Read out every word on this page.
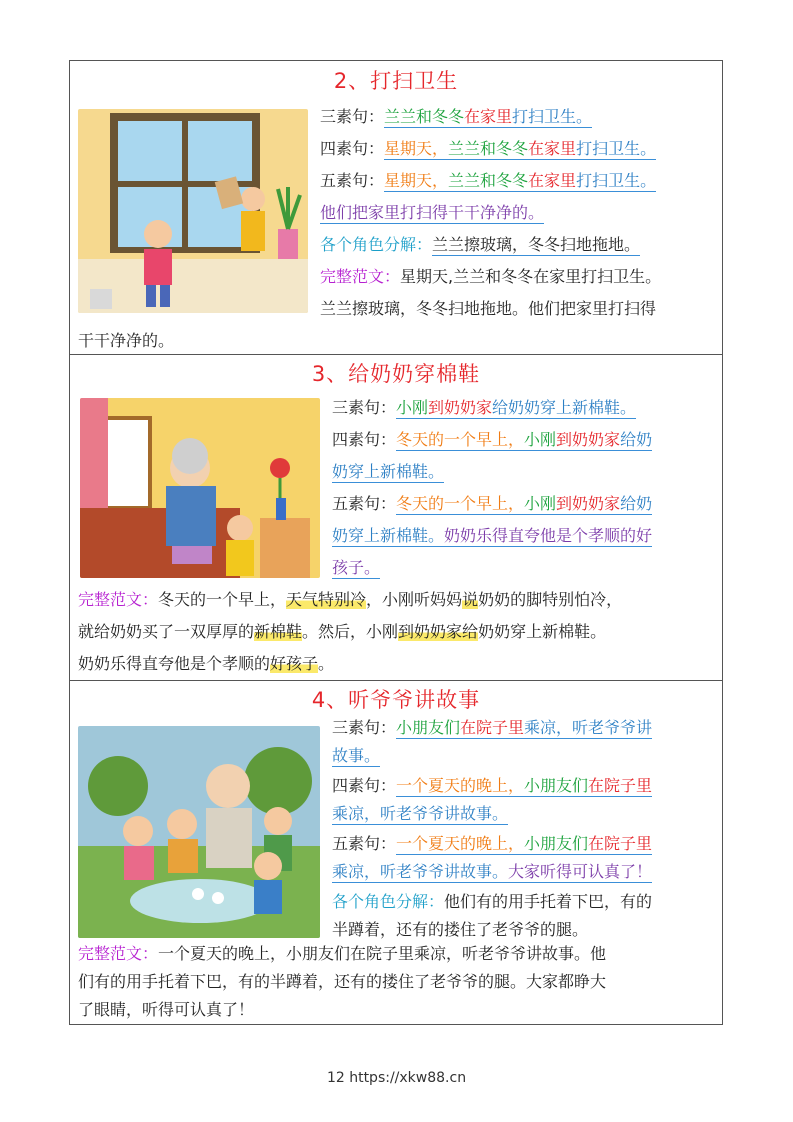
2、打扫卫生
三素句：兰兰和冬冬在家里打扫卫生。
四素句：星期天，兰兰和冬冬在家里打扫卫生。
五素句：星期天，兰兰和冬冬在家里打扫卫生。
他们把家里打扫得干干净净的。
各个角色分解：兰兰擦玻璃，冬冬扫地拖地。
完整范文：星期天,兰兰和冬冬在家里打扫卫生。
兰兰擦玻璃，冬冬扫地拖地。他们把家里打扫得
干干净净的。
3、给奶奶穿棉鞋
三素句：小刚到奶奶家给奶奶穿上新棉鞋。
四素句：冬天的一个早上，小刚到奶奶家给奶
奶穿上新棉鞋。
五素句：冬天的一个早上，小刚到奶奶家给奶
奶穿上新棉鞋。奶奶乐得直夸他是个孝顺的好
孩子。
完整范文：冬天的一个早上，天气特别冷，小刚听妈妈说奶奶的脚特别怕冷，
就给奶奶买了一双厚厚的新棉鞋。然后，小刚到奶奶家给奶奶穿上新棉鞋。
奶奶乐得直夸他是个孝顺的好孩子。
4、听爷爷讲故事
三素句：小朋友们在院子里乘凉，听老爷爷讲
故事。
四素句：一个夏天的晚上，小朋友们在院子里
乘凉，听老爷爷讲故事。
五素句：一个夏天的晚上，小朋友们在院子里
乘凉，听老爷爷讲故事。大家听得可认真了！
各个角色分解：他们有的用手托着下巴，有的
半蹲着，还有的搂住了老爷爷的腿。
完整范文：一个夏天的晚上，小朋友们在院子里乘凉，听老爷爷讲故事。他
们有的用手托着下巴，有的半蹲着，还有的搂住了老爷爷的腿。大家都睁大
了眼睛，听得可认真了！
12 https://xkw88.cn
